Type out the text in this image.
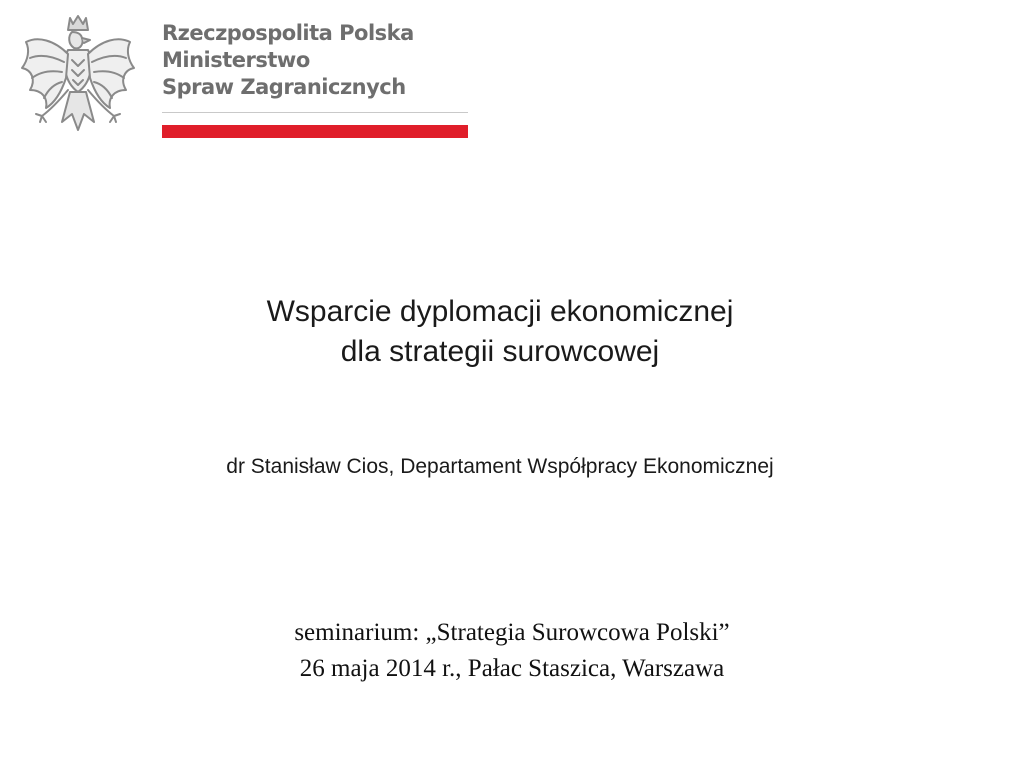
Rzeczpospolita Polska
Ministerstwo
Spraw Zagranicznych
Wsparcie dyplomacji ekonomicznej
dla strategii surowcowej
dr Stanisław Cios, Departament Współpracy Ekonomicznej
seminarium: „Strategia Surowcowa Polski”
26 maja 2014 r., Pałac Staszica, Warszawa
